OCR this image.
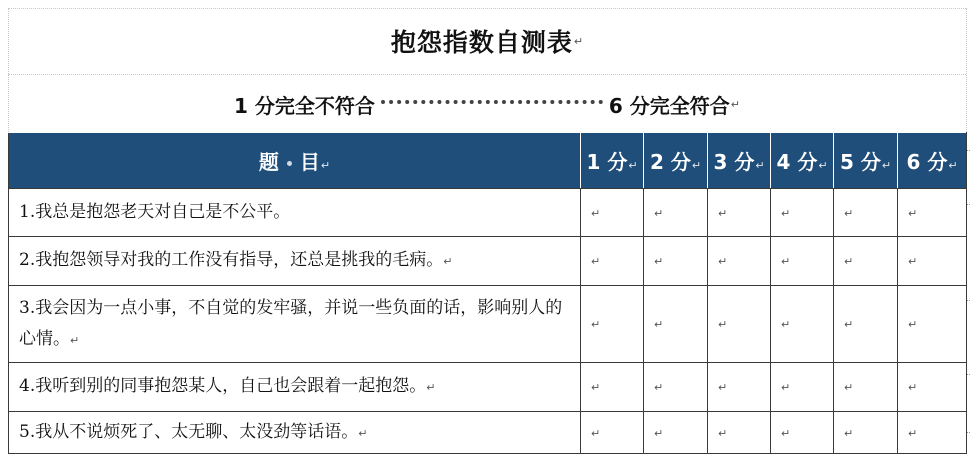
抱怨指数自测表 ↵
1 分完全不符合	6 分完全符合 ↵
题 目↵	1 分↵	2 分↵	3 分↵	4 分↵	5 分↵	6 分↵
1.我总是抱怨老天对自己是不公平。	↵	↵	↵	↵	↵	↵
2.我抱怨领导对我的工作没有指导，还总是挑我的毛病。↵	↵	↵	↵	↵	↵	↵
3.我会因为一点小事，不自觉的发牢骚，并说一些负面的话，影响别人的心情。↵	↵	↵	↵	↵	↵	↵
4.我听到别的同事抱怨某人，自己也会跟着一起抱怨。↵	↵	↵	↵	↵	↵	↵
5.我从不说烦死了、太无聊、太没劲等话语。↵	↵	↵	↵	↵	↵	↵
